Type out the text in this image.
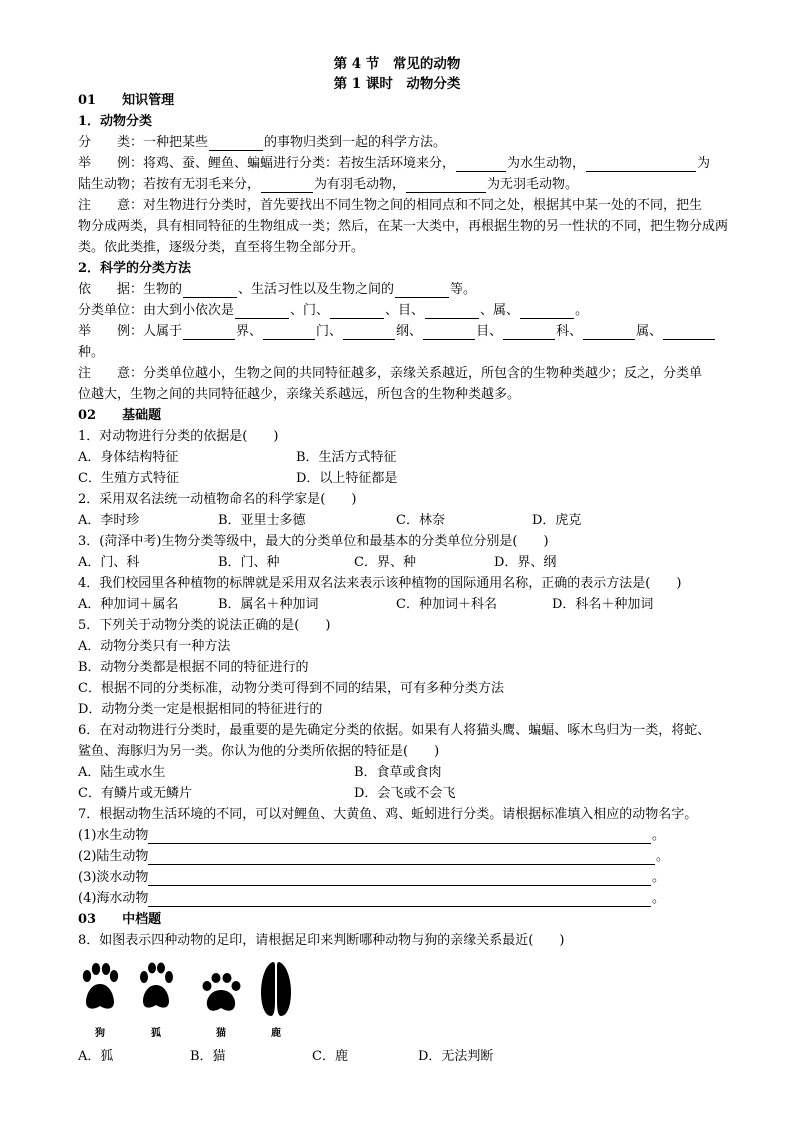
第 4 节　常见的动物
第 1 课时　动物分类
01　　知识管理
1．动物分类
分　　类：一种把某些	的事物归类到一起的科学方法。
举　　例：将鸡、蚕、鲤鱼、蝙蝠进行分类：若按生活环境来分，	为水生动物，	为
陆生动物；若按有无羽毛来分，	为有羽毛动物，	为无羽毛动物。
注　　意：对生物进行分类时，首先要找出不同生物之间的相同点和不同之处，根据其中某一处的不同，把生
物分成两类，具有相同特征的生物组成一类；然后，在某一大类中，再根据生物的另一性状的不同，把生物分成两
类。依此类推，逐级分类，直至将生物全部分开。
2．科学的分类方法
依　　据：生物的	、生活习性以及生物之间的	等。
分类单位：由大到小依次是	、门、	、目、	、属、	。
举　　例：人属于	界、	门、	纲、	目、	科、	属、
种。
注　　意：分类单位越小，生物之间的共同特征越多，亲缘关系越近，所包含的生物种类越少；反之，分类单
位越大，生物之间的共同特征越少，亲缘关系越远，所包含的生物种类越多。
02　　基础题
1．对动物进行分类的依据是(　　)
A．身体结构特征	B．生活方式特征
C．生殖方式特征	D．以上特征都是
2．采用双名法统一动植物命名的科学家是(　　)
A．李时珍	B．亚里士多德	C．林奈	D．虎克
3．(菏泽中考)生物分类等级中，最大的分类单位和最基本的分类单位分别是(　　)
A．门、科	B．门、种	C．界、种	D．界、纲
4．我们校园里各种植物的标牌就是采用双名法来表示该种植物的国际通用名称，正确的表示方法是(　　)
A．种加词＋属名	B．属名＋种加词	C．种加词＋科名	D．科名＋种加词
5．下列关于动物分类的说法正确的是(　　)
A．动物分类只有一种方法
B．动物分类都是根据不同的特征进行的
C．根据不同的分类标准，动物分类可得到不同的结果，可有多种分类方法
D．动物分类一定是根据相同的特征进行的
6．在对动物进行分类时，最重要的是先确定分类的依据。如果有人将猫头鹰、蝙蝠、啄木鸟归为一类，将蛇、
鲨鱼、海豚归为另一类。你认为他的分类所依据的特征是(　　)
A．陆生或水生	B．食草或食肉
C．有鳞片或无鳞片	D．会飞或不会飞
7．根据动物生活环境的不同，可以对鲤鱼、大黄鱼、鸡、蚯蚓进行分类。请根据标准填入相应的动物名字。
(1)水生动物	。
(2)陆生动物	。
(3)淡水动物	。
(4)海水动物	。
03　　中档题
8．如图表示四种动物的足印，请根据足印来判断哪种动物与狗的亲缘关系最近(　　)
狗	狐	猫	鹿
A．狐	B．猫	C．鹿	D．无法判断
